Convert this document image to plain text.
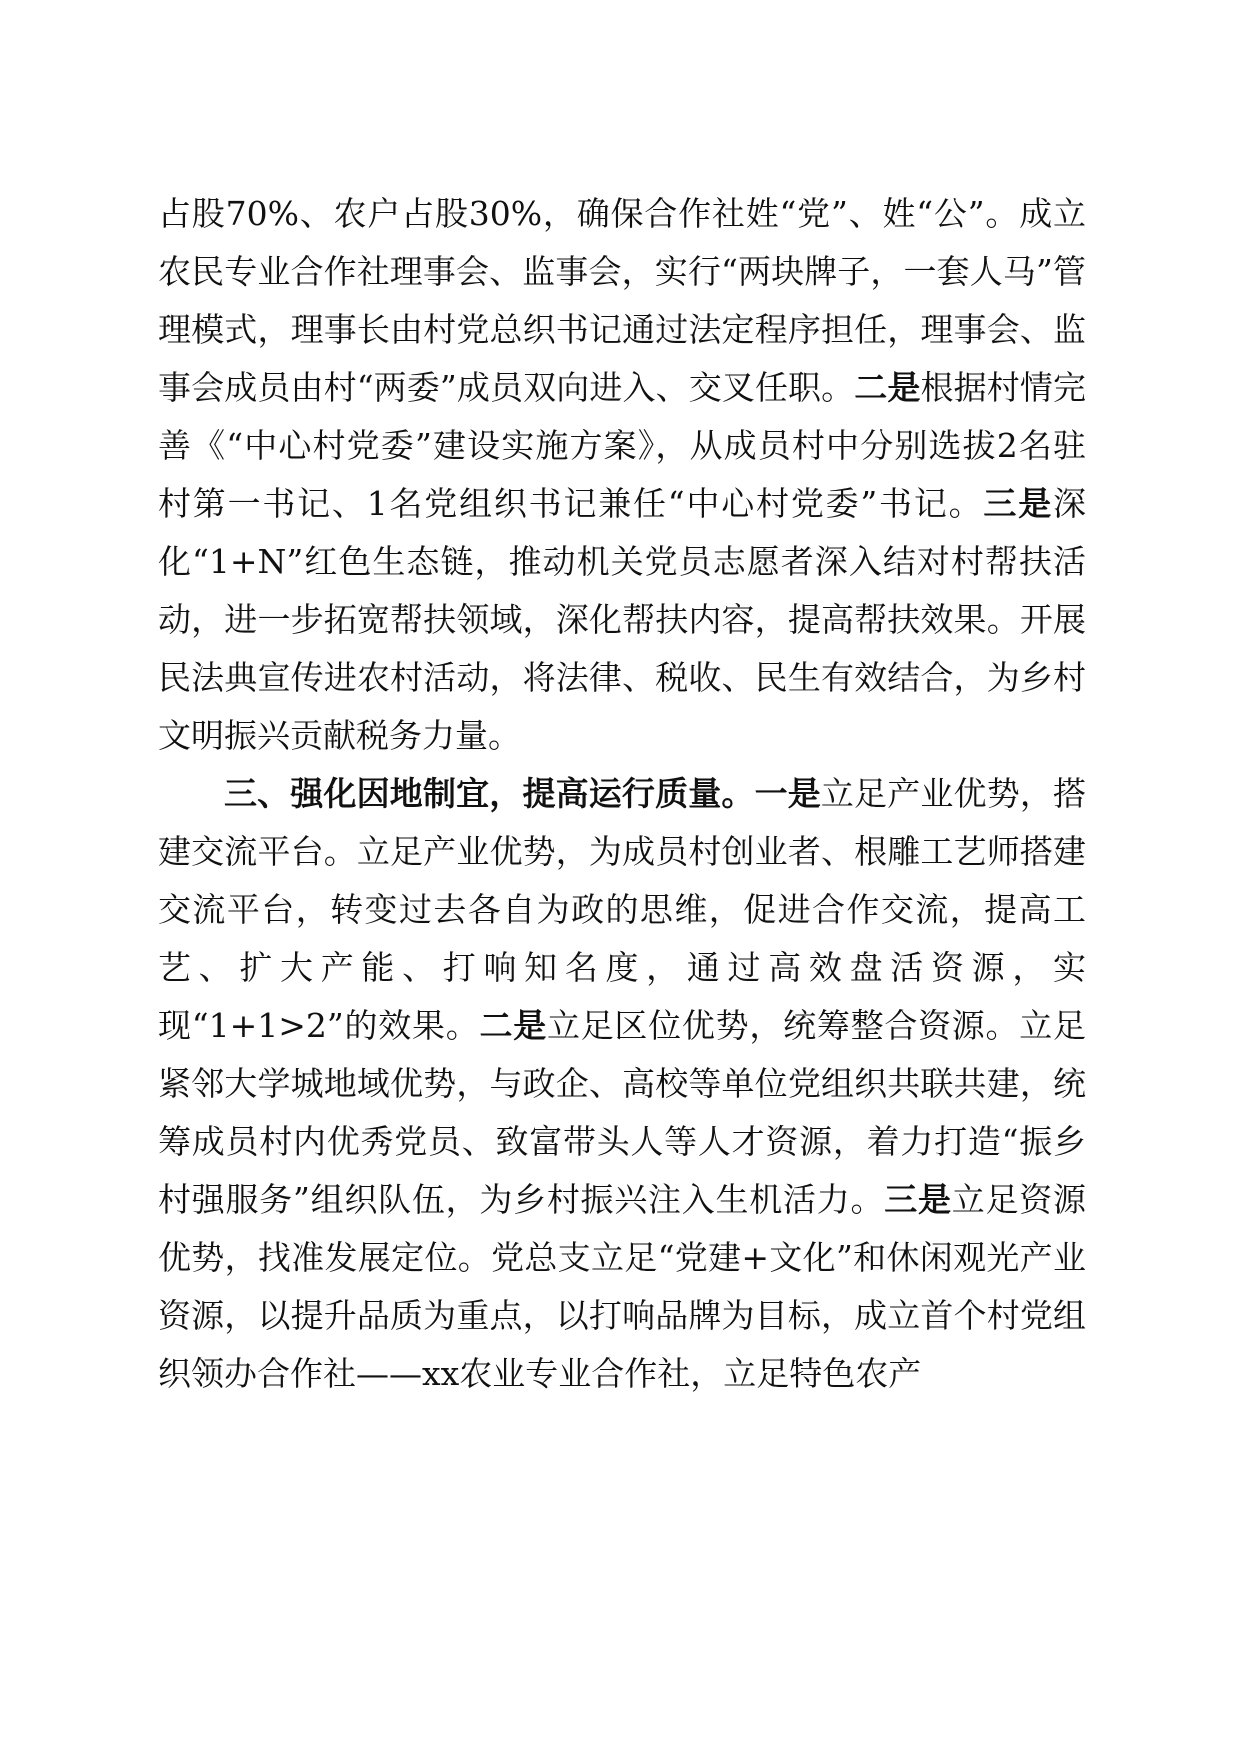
占股70%、农户占股30%，确保合作社姓“党”、姓“公”。成立农民专业合作社理事会、监事会，实行“两块牌子，一套人马”管理模式，理事长由村党总织书记通过法定程序担任，理事会、监事会成员由村“两委”成员双向进入、交叉任职。二是根据村情完善《“中心村党委”建设实施方案》，从成员村中分别选拔2名驻村第一书记、1名党组织书记兼任“中心村党委”书记。三是深化“1+N”红色生态链，推动机关党员志愿者深入结对村帮扶活动，进一步拓宽帮扶领域，深化帮扶内容，提高帮扶效果。开展民法典宣传进农村活动，将法律、税收、民生有效结合，为乡村文明振兴贡献税务力量。

三、强化因地制宜，提高运行质量。一是立足产业优势，搭建交流平台。立足产业优势，为成员村创业者、根雕工艺师搭建交流平台，转变过去各自为政的思维，促进合作交流，提高工艺、扩大产能、打响知名度，通过高效盘活资源，实现“1+1>2”的效果。二是立足区位优势，统筹整合资源。立足紧邻大学城地域优势，与政企、高校等单位党组织共联共建，统筹成员村内优秀党员、致富带头人等人才资源，着力打造“振乡村强服务”组织队伍，为乡村振兴注入生机活力。三是立足资源优势，找准发展定位。党总支立足“党建+文化”和休闲观光产业资源，以提升品质为重点，以打响品牌为目标，成立首个村党组织领办合作社——xx农业专业合作社，立足特色农产
